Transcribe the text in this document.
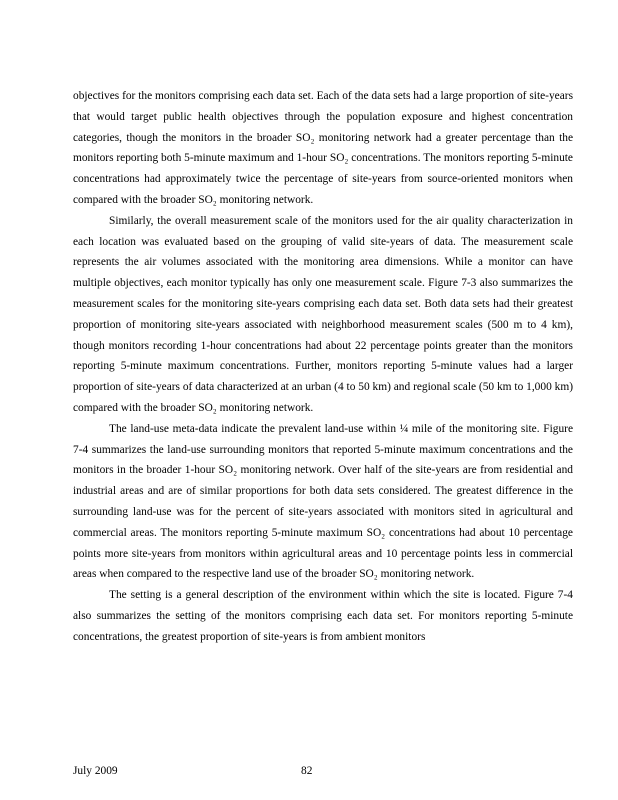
objectives for the monitors comprising each data set. Each of the data sets had a large proportion of site-years that would target public health objectives through the population exposure and highest concentration categories, though the monitors in the broader SO₂ monitoring network had a greater percentage than the monitors reporting both 5-minute maximum and 1-hour SO₂ concentrations. The monitors reporting 5-minute concentrations had approximately twice the percentage of site-years from source-oriented monitors when compared with the broader SO₂ monitoring network.

Similarly, the overall measurement scale of the monitors used for the air quality characterization in each location was evaluated based on the grouping of valid site-years of data. The measurement scale represents the air volumes associated with the monitoring area dimensions. While a monitor can have multiple objectives, each monitor typically has only one measurement scale. Figure 7-3 also summarizes the measurement scales for the monitoring site-years comprising each data set. Both data sets had their greatest proportion of monitoring site-years associated with neighborhood measurement scales (500 m to 4 km), though monitors recording 1-hour concentrations had about 22 percentage points greater than the monitors reporting 5-minute maximum concentrations. Further, monitors reporting 5-minute values had a larger proportion of site-years of data characterized at an urban (4 to 50 km) and regional scale (50 km to 1,000 km) compared with the broader SO₂ monitoring network.

The land-use meta-data indicate the prevalent land-use within ¼ mile of the monitoring site. Figure 7-4 summarizes the land-use surrounding monitors that reported 5-minute maximum concentrations and the monitors in the broader 1-hour SO₂ monitoring network. Over half of the site-years are from residential and industrial areas and are of similar proportions for both data sets considered. The greatest difference in the surrounding land-use was for the percent of site-years associated with monitors sited in agricultural and commercial areas. The monitors reporting 5-minute maximum SO₂ concentrations had about 10 percentage points more site-years from monitors within agricultural areas and 10 percentage points less in commercial areas when compared to the respective land use of the broader SO₂ monitoring network.

The setting is a general description of the environment within which the site is located. Figure 7-4 also summarizes the setting of the monitors comprising each data set. For monitors reporting 5-minute concentrations, the greatest proportion of site-years is from ambient monitors

July 2009	82
